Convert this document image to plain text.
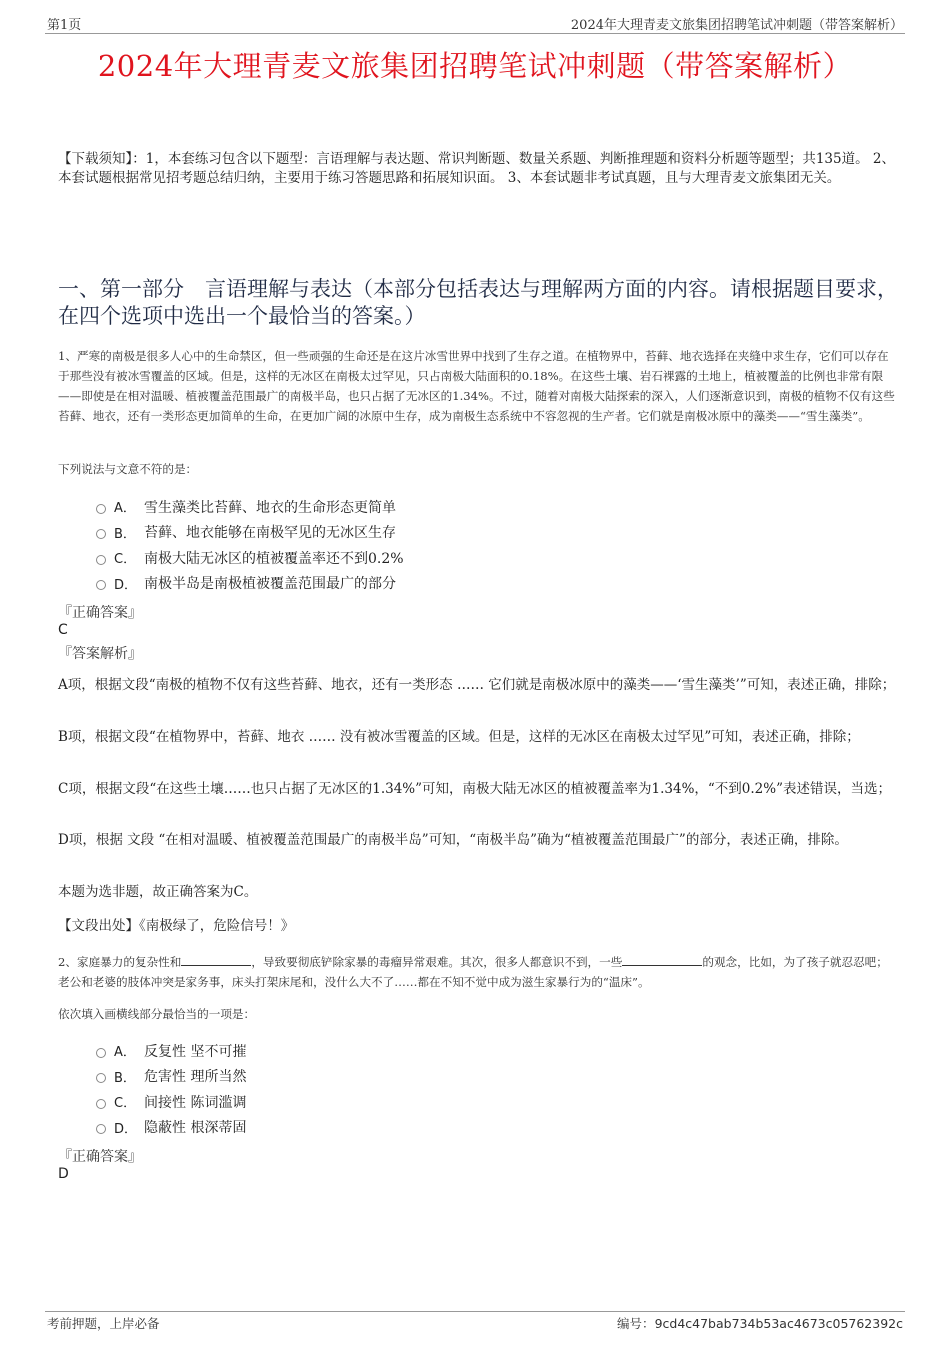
第1页	2024年大理青麦文旅集团招聘笔试冲刺题（带答案解析）
2024年大理青麦文旅集团招聘笔试冲刺题（带答案解析）
【下载须知】：1，本套练习包含以下题型：言语理解与表达题、常识判断题、数量关系题、判断推理题和资料分析题等题型；共135道。 2、本套试题根据常见招考题总结归纳，主要用于练习答题思路和拓展知识面。 3、本套试题非考试真题，且与大理青麦文旅集团无关。
一、第一部分　言语理解与表达（本部分包括表达与理解两方面的内容。请根据题目要求，在四个选项中选出一个最恰当的答案。）
1、严寒的南极是很多人心中的生命禁区，但一些顽强的生命还是在这片冰雪世界中找到了生存之道。在植物界中，苔藓、地衣选择在夹缝中求生存，它们可以存在于那些没有被冰雪覆盖的区域。但是，这样的无冰区在南极太过罕见，只占南极大陆面积的0.18%。在这些土壤、岩石裸露的土地上，植被覆盖的比例也非常有限——即使是在相对温暖、植被覆盖范围最广的南极半岛，也只占据了无冰区的1.34%。不过，随着对南极大陆探索的深入，人们逐渐意识到，南极的植物不仅有这些苔藓、地衣，还有一类形态更加简单的生命，在更加广阔的冰原中生存，成为南极生态系统中不容忽视的生产者。它们就是南极冰原中的藻类——“雪生藻类”。
下列说法与文意不符的是：
A． 雪生藻类比苔藓、地衣的生命形态更简单
B． 苔藓、地衣能够在南极罕见的无冰区生存
C． 南极大陆无冰区的植被覆盖率还不到0.2%
D． 南极半岛是南极植被覆盖范围最广的部分
『正确答案』
C
『答案解析』
A项，根据文段“南极的植物不仅有这些苔藓、地衣，还有一类形态 …… 它们就是南极冰原中的藻类——‘雪生藻类’”可知，表述正确，排除；
B项，根据文段“在植物界中，苔藓、地衣 …… 没有被冰雪覆盖的区域。但是，这样的无冰区在南极太过罕见”可知，表述正确，排除；
C项，根据文段“在这些土壤……也只占据了无冰区的1.34%”可知，南极大陆无冰区的植被覆盖率为1.34%，“不到0.2%”表述错误，当选；
D项，根据 文段 “在相对温暖、植被覆盖范围最广的南极半岛”可知，“南极半岛”确为“植被覆盖范围最广”的部分，表述正确，排除。
本题为选非题，故正确答案为C。
【文段出处】《南极绿了，危险信号！》
2、家庭暴力的复杂性和	，导致要彻底铲除家暴的毒瘤异常艰难。其次，很多人都意识不到，一些	的观念，比如，为了孩子就忍忍吧；老公和老婆的肢体冲突是家务事，床头打架床尾和，没什么大不了……都在不知不觉中成为滋生家暴行为的“温床”。
依次填入画横线部分最恰当的一项是：
A． 反复性 坚不可摧
B． 危害性 理所当然
C． 间接性 陈词滥调
D． 隐蔽性 根深蒂固
『正确答案』
D
考前押题，上岸必备	编号：9cd4c47bab734b53ac4673c05762392c
